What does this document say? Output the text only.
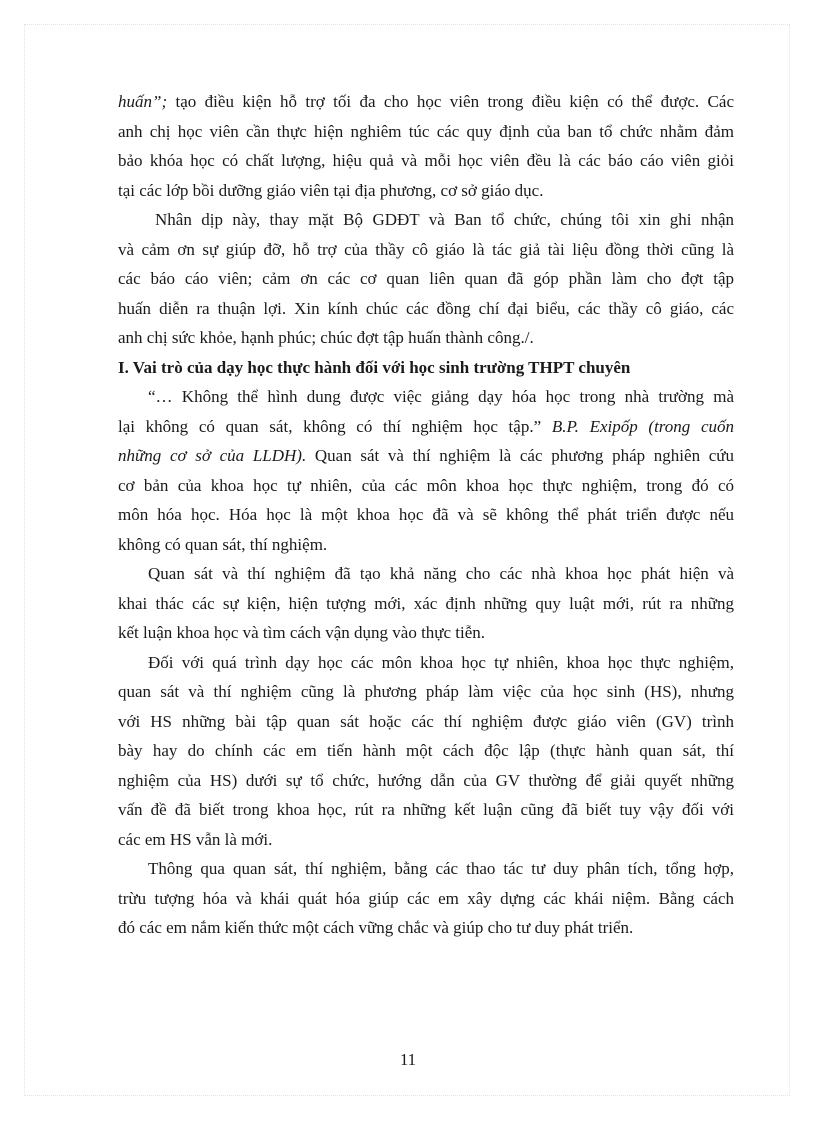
huấn”; tạo điều kiện hỗ trợ tối đa cho học viên trong điều kiện có thể được. Các

anh chị học viên cần thực hiện nghiêm túc các quy định của ban tổ chức nhằm đảm

bảo khóa học có chất lượng, hiệu quả và mỗi học viên đều là các báo cáo viên giỏi

tại các lớp bồi dưỡng giáo viên tại địa phương, cơ sở giáo dục.

Nhân dịp này, thay mặt Bộ GDĐT và Ban tổ chức, chúng tôi xin ghi nhận

và cảm ơn sự giúp đỡ, hỗ trợ của thầy cô giáo là tác giả tài liệu đồng thời cũng là

các báo cáo viên; cảm ơn các cơ quan liên quan đã góp phần làm cho đợt tập

huấn diễn ra thuận lợi. Xin kính chúc các đồng chí đại biểu, các thầy cô giáo, các

anh chị sức khỏe, hạnh phúc; chúc đợt tập huấn thành công./.

I. Vai trò của dạy học thực hành đối với học sinh trường THPT chuyên

“… Không thể hình dung được việc giảng dạy hóa học trong nhà trường mà

lại không có quan sát, không có thí nghiệm học tập.” B.P. Exipốp (trong cuốn

những cơ sở của LLDH). Quan sát và thí nghiệm là các phương pháp nghiên cứu

cơ bản của khoa học tự nhiên, của các môn khoa học thực nghiệm, trong đó có

môn hóa học. Hóa học là một khoa học đã và sẽ không thể phát triển được nếu

không có quan sát, thí nghiệm.

Quan sát và thí nghiệm đã tạo khả năng cho các nhà khoa học phát hiện và

khai thác các sự kiện, hiện tượng mới, xác định những quy luật mới, rút ra những

kết luận khoa học và tìm cách vận dụng vào thực tiễn.

Đối với quá trình dạy học các môn khoa học tự nhiên, khoa học thực nghiệm,

quan sát và thí nghiệm cũng là phương pháp làm việc của học sinh (HS), nhưng

với HS những bài tập quan sát hoặc các thí nghiệm được giáo viên (GV) trình

bày hay do chính các em tiến hành một cách độc lập (thực hành quan sát, thí

nghiệm của HS) dưới sự tổ chức, hướng dẫn của GV thường để giải quyết những

vấn đề đã biết trong khoa học, rút ra những kết luận cũng đã biết tuy vậy đối với

các em HS vẫn là mới.

Thông qua quan sát, thí nghiệm, bằng các thao tác tư duy phân tích, tổng hợp,

trừu tượng hóa và khái quát hóa giúp các em xây dựng các khái niệm. Bằng cách

đó các em nắm kiến thức một cách vững chắc và giúp cho tư duy phát triển.

11
